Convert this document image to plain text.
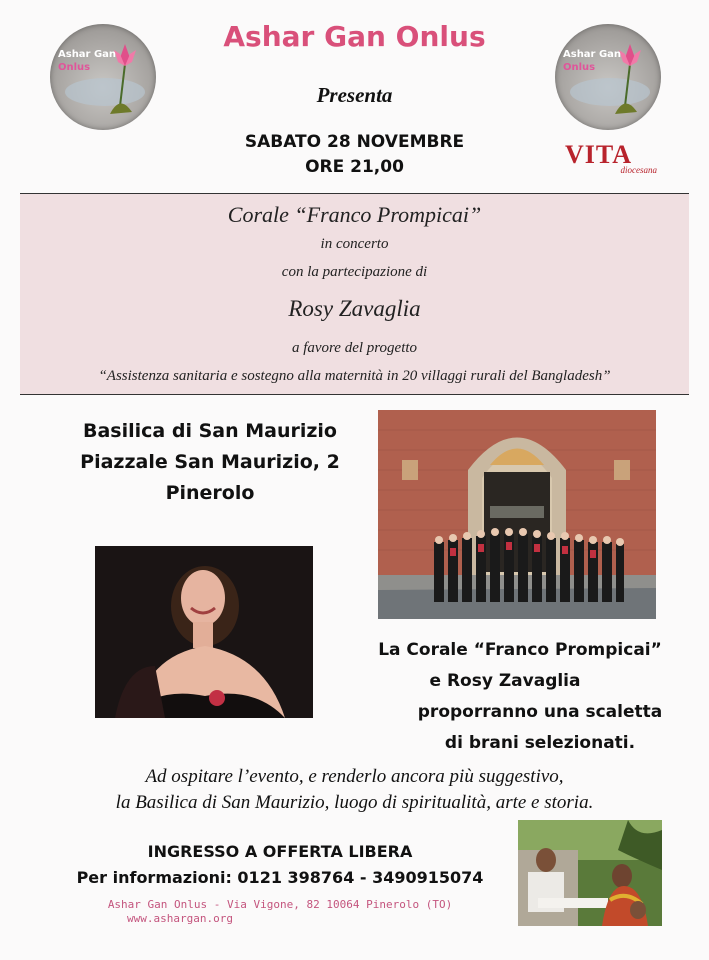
Ashar Gan
Onlus
Ashar Gan
Onlus
Ashar Gan Onlus
Presenta
SABATO 28 NOVEMBRE
ORE 21,00	VITA
diocesana
Corale “Franco Prompicai”
in concerto
con la partecipazione di
Rosy Zavaglia
a favore del progetto
“Assistenza sanitaria e sostegno alla maternità in 20 villaggi rurali del Bangladesh”
Basilica di San Maurizio
Piazzale San Maurizio, 2
Pinerolo
La Corale “Franco Prompicai”
e Rosy Zavaglia
proporranno una scaletta
di brani selezionati.
Ad ospitare l’evento, e renderlo ancora più suggestivo,
la Basilica di San Maurizio, luogo di spiritualità, arte e storia.
INGRESSO A OFFERTA LIBERA
Per informazioni: 0121 398764 - 3490915074
Ashar Gan Onlus - Via Vigone, 82 10064 Pinerolo (TO)
www.ashargan.org
